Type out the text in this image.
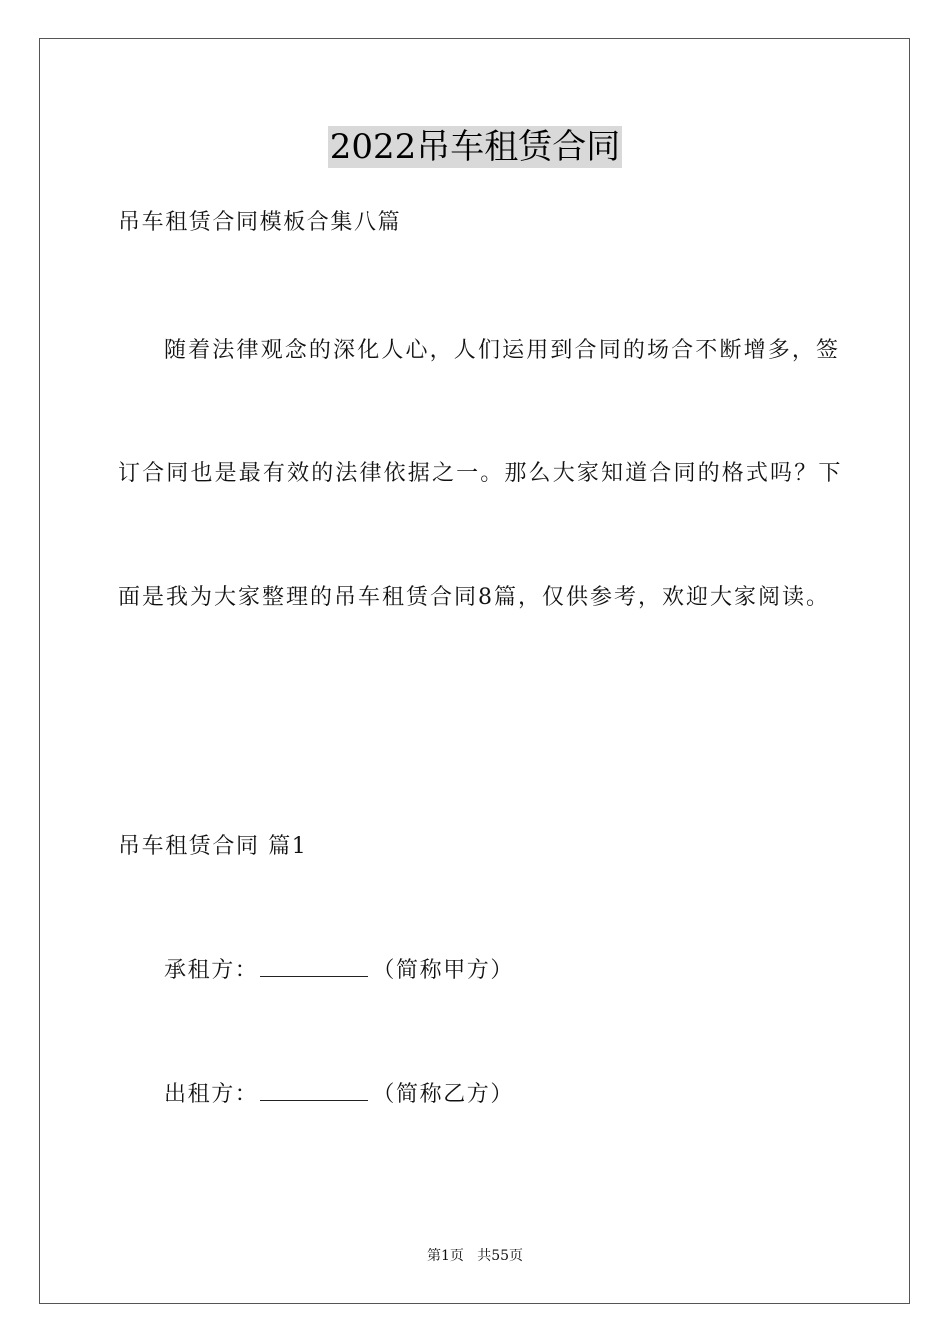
2022吊车租赁合同
吊车租赁合同模板合集八篇
随着法律观念的深化人心，人们运用到合同的场合不断增多，签
订合同也是最有效的法律依据之一。那么大家知道合同的格式吗？下
面是我为大家整理的吊车租赁合同8篇，仅供参考，欢迎大家阅读。
吊车租赁合同 篇1
承租方：	（简称甲方）
出租方：	（简称乙方）
第1页   共55页
